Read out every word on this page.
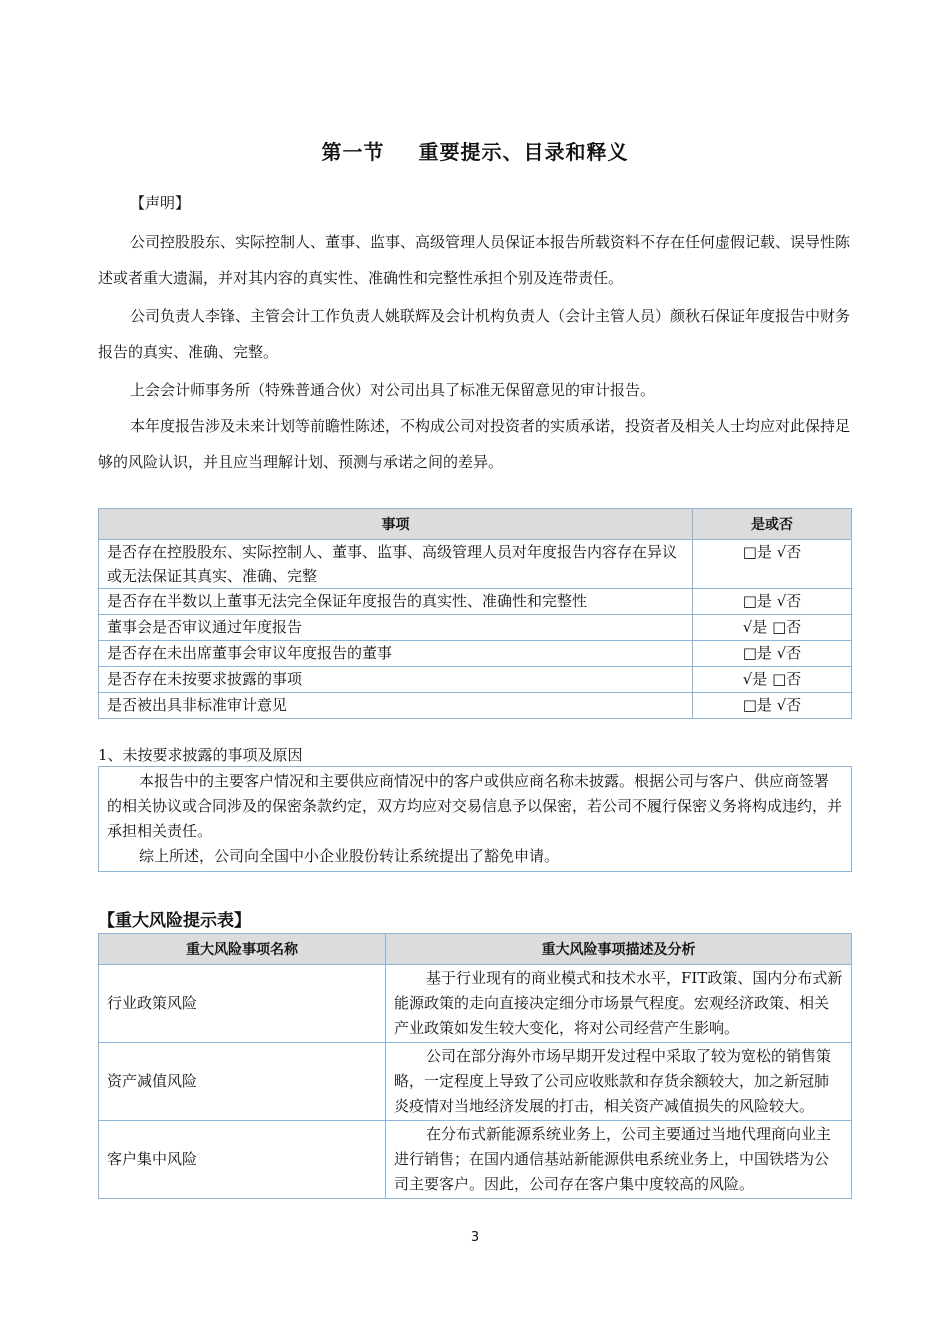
第一节 重要提示、目录和释义
【声明】
公司控股股东、实际控制人、董事、监事、高级管理人员保证本报告所载资料不存在任何虚假记载、误导性陈述或者重大遗漏，并对其内容的真实性、准确性和完整性承担个别及连带责任。
公司负责人李锋、主管会计工作负责人姚联辉及会计机构负责人（会计主管人员）颜秋石保证年度报告中财务报告的真实、准确、完整。
上会会计师事务所（特殊普通合伙）对公司出具了标准无保留意见的审计报告。
本年度报告涉及未来计划等前瞻性陈述，不构成公司对投资者的实质承诺，投资者及相关人士均应对此保持足够的风险认识，并且应当理解计划、预测与承诺之间的差异。
事项	是或否
是否存在控股股东、实际控制人、董事、监事、高级管理人员对年度报告内容存在异议或无法保证其真实、准确、完整	□是 √否
是否存在半数以上董事无法完全保证年度报告的真实性、准确性和完整性	□是 √否
董事会是否审议通过年度报告	√是 □否
是否存在未出席董事会审议年度报告的董事	□是 √否
是否存在未按要求披露的事项	√是 □否
是否被出具非标准审计意见	□是 √否
1、未按要求披露的事项及原因

本报告中的主要客户情况和主要供应商情况中的客户或供应商名称未披露。根据公司与客户、供应商签署的相关协议或合同涉及的保密条款约定，双方均应对交易信息予以保密，若公司不履行保密义务将构成违约，并承担相关责任。

综上所述，公司向全国中小企业股份转让系统提出了豁免申请。

【重大风险提示表】
重大风险事项名称	重大风险事项描述及分析
行业政策风险	基于行业现有的商业模式和技术水平，FIT政策、国内分布式新能源政策的走向直接决定细分市场景气程度。宏观经济政策、相关产业政策如发生较大变化，将对公司经营产生影响。
资产减值风险	公司在部分海外市场早期开发过程中采取了较为宽松的销售策略，一定程度上导致了公司应收账款和存货余额较大，加之新冠肺炎疫情对当地经济发展的打击，相关资产减值损失的风险较大。
客户集中风险	在分布式新能源系统业务上，公司主要通过当地代理商向业主进行销售；在国内通信基站新能源供电系统业务上，中国铁塔为公司主要客户。因此，公司存在客户集中度较高的风险。
3
